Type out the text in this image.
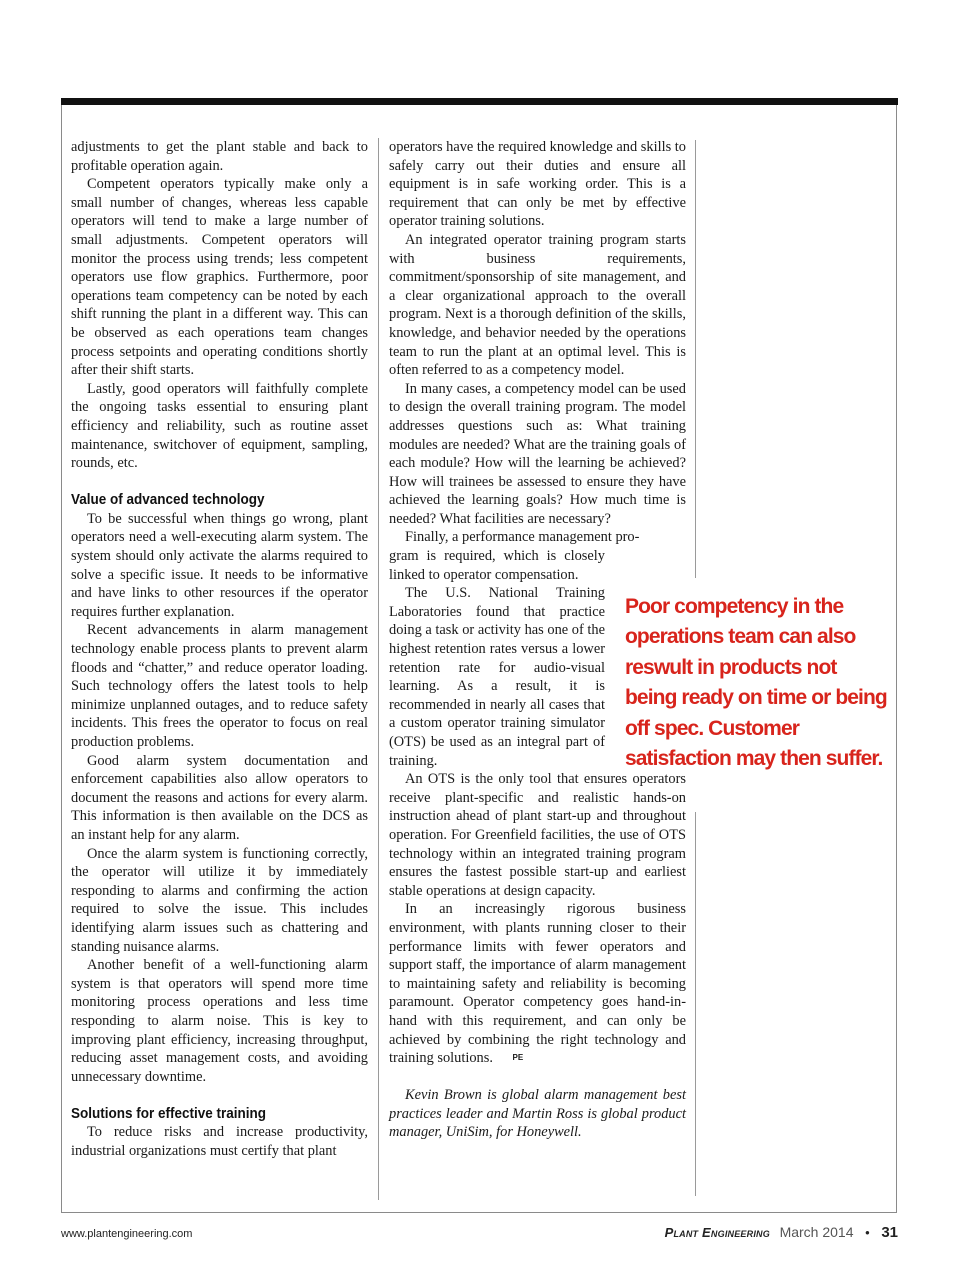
adjustments to get the plant stable and back to profitable operation again.

Competent operators typically make only a small number of changes, whereas less capable operators will tend to make a large number of small adjustments. Competent operators will monitor the process using trends; less competent operators use flow graphics. Furthermore, poor operations team competency can be noted by each shift running the plant in a different way. This can be observed as each operations team changes process setpoints and operating conditions shortly after their shift starts.

Lastly, good operators will faithfully complete the ongoing tasks essential to ensuring plant efficiency and reliability, such as routine asset maintenance, switchover of equipment, sampling, rounds, etc.

Value of advanced technology

To be successful when things go wrong, plant operators need a well-executing alarm system. The system should only activate the alarms required to solve a specific issue. It needs to be informative and have links to other resources if the operator requires further explanation.

Recent advancements in alarm management technology enable process plants to prevent alarm floods and “chatter,” and reduce operator loading. Such technology offers the latest tools to help minimize unplanned outages, and to reduce safety incidents. This frees the operator to focus on real production problems.

Good alarm system documentation and enforcement capabilities also allow operators to document the reasons and actions for every alarm. This information is then available on the DCS as an instant help for any alarm.

Once the alarm system is functioning correctly, the operator will utilize it by immediately responding to alarms and confirming the action required to solve the issue. This includes identifying alarm issues such as chattering and standing nuisance alarms.

Another benefit of a well-functioning alarm system is that operators will spend more time monitoring process operations and less time responding to alarm noise. This is key to improving plant efficiency, increasing throughput, reducing asset management costs, and avoiding unnecessary downtime.

Solutions for effective training

To reduce risks and increase productivity, industrial organizations must certify that plant

operators have the required knowledge and skills to safely carry out their duties and ensure all equipment is in safe working order. This is a requirement that can only be met by effective operator training solutions.

An integrated operator training program starts with business requirements, commitment/sponsorship of site management, and a clear organizational approach to the overall program. Next is a thorough definition of the skills, knowledge, and behavior needed by the operations team to run the plant at an optimal level. This is often referred to as a competency model.

In many cases, a competency model can be used to design the overall training program. The model addresses questions such as: What training modules are needed? What are the training goals of each module? How will the learning be achieved? How will trainees be assessed to ensure they have achieved the learning goals? How much time is needed? What facilities are necessary?

Finally, a performance management pro-

gram is required, which is closely linked to operator compensation.

The U.S. National Training Laboratories found that practice doing a task or activity has one of the highest retention rates versus a lower retention rate for audio-visual learning. As a result, it is recommended in nearly all cases that a custom operator training simulator (OTS) be used as an integral part of training.

An OTS is the only tool that ensures operators receive plant-specific and realistic hands-on instruction ahead of plant start-up and throughout operation. For Greenfield facilities, the use of OTS technology within an integrated training program ensures the fastest possible start-up and earliest stable operations at design capacity.

In an increasingly rigorous business environment, with plants running closer to their performance limits with fewer operators and support staff, the importance of alarm management to maintaining safety and reliability is becoming paramount. Operator competency goes hand-in-hand with this requirement, and can only be achieved by combining the right technology and training solutions. PE

Kevin Brown is global alarm management best practices leader and Martin Ross is global product manager, UniSim, for Honeywell.

Poor competency in the operations team can also reswult in products not being ready on time or being off spec. Customer satisfaction may then suffer.
www.plantengineering.com	Plant Engineering March 2014 • 31
